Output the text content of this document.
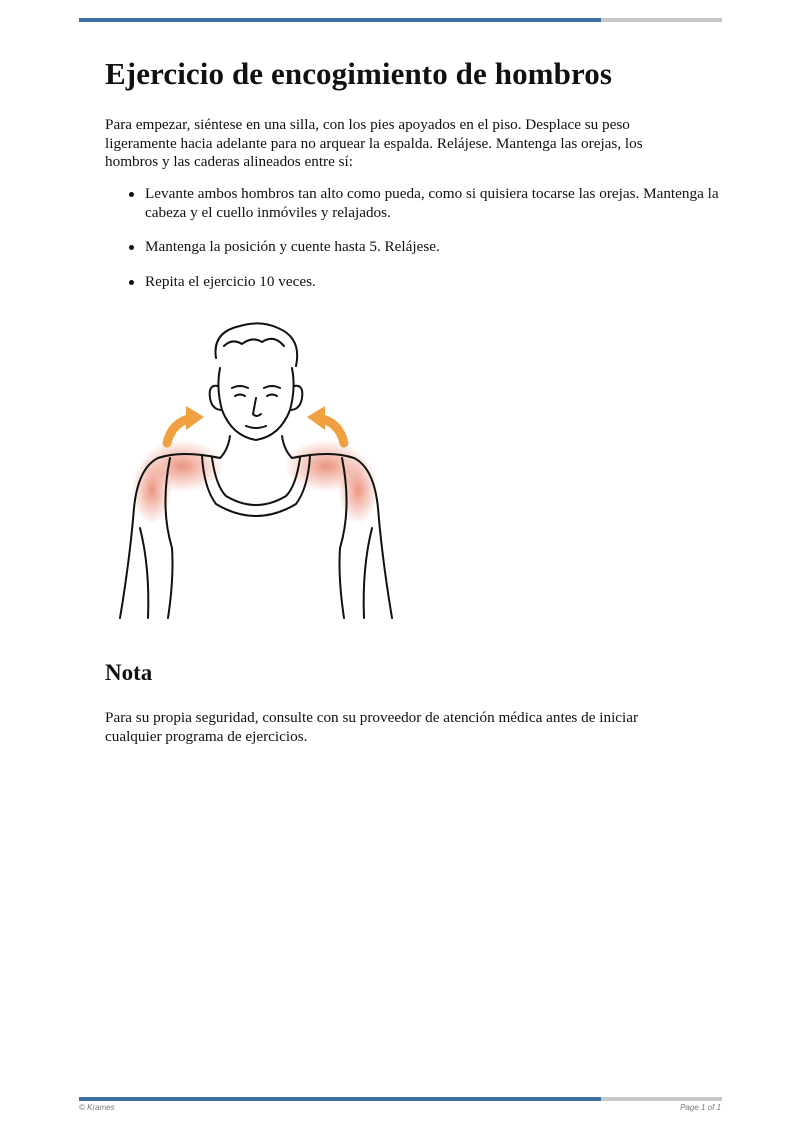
Ejercicio de encogimiento de hombros

Para empezar, siéntese en una silla, con los pies apoyados en el piso. Desplace su peso ligeramente hacia adelante para no arquear la espalda. Relájese. Mantenga las orejas, los hombros y las caderas alineados entre sí:

Levante ambos hombros tan alto como pueda, como si quisiera tocarse las orejas. Mantenga la cabeza y el cuello inmóviles y relajados.
Mantenga la posición y cuente hasta 5. Relájese.
Repita el ejercicio 10 veces.
Nota

Para su propia seguridad, consulte con su proveedor de atención médica antes de iniciar cualquier programa de ejercicios.

© Krames	Page 1 of 1
